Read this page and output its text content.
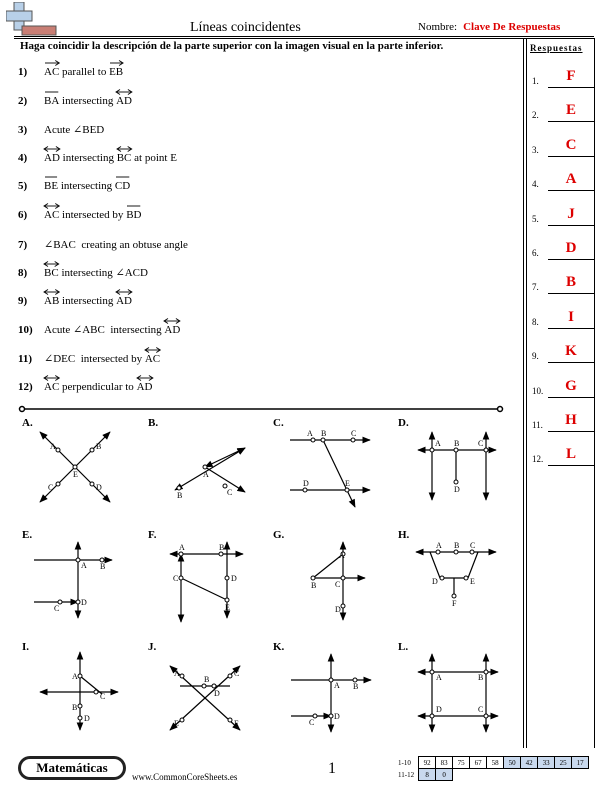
Líneas coincidentes	Nombre: Clave De Respuestas
Haga coincidir la descripción de la parte superior con la imagen visual en la parte inferior.
1) AC
parallel to EB
2) BA
intersecting AD
3) Acute ∠BED
4) AD
intersecting BC
at point E
5) BE
intersecting CD
6) AC
intersected by BD
7) ∠BAC  creating an obtuse angle
8) BC
intersecting ∠ACD
9) AB
intersecting AD
10) Acute ∠ABC  intersecting AD
11) ∠DEC  intersected by AC
12) AC
perpendicular to AD
Respuestas
1.	F
2.	E
3.	C
4.	A
5.	J
6.	D
7.	B
8.	I
9.	K
10.	G
11.	H
12.	L
A.	B.	C.	D.
E.	F.	G.	H.
I.	J.	K.	L.
A
E
C
B
D
A
B	C
A B	C
D	E
A B C
D
A B
C
D
A	B
C	D
E
A
B C
D
A B C
D	E
F
A
B
C
D
A
B
C
D
E	F
A B
C
D
A	B
C
D
Matemáticas
www.CommonCoreSheets.es	1	1-10	92	83	75	67	58	50	42	33	25	17
11-12	8	0								
